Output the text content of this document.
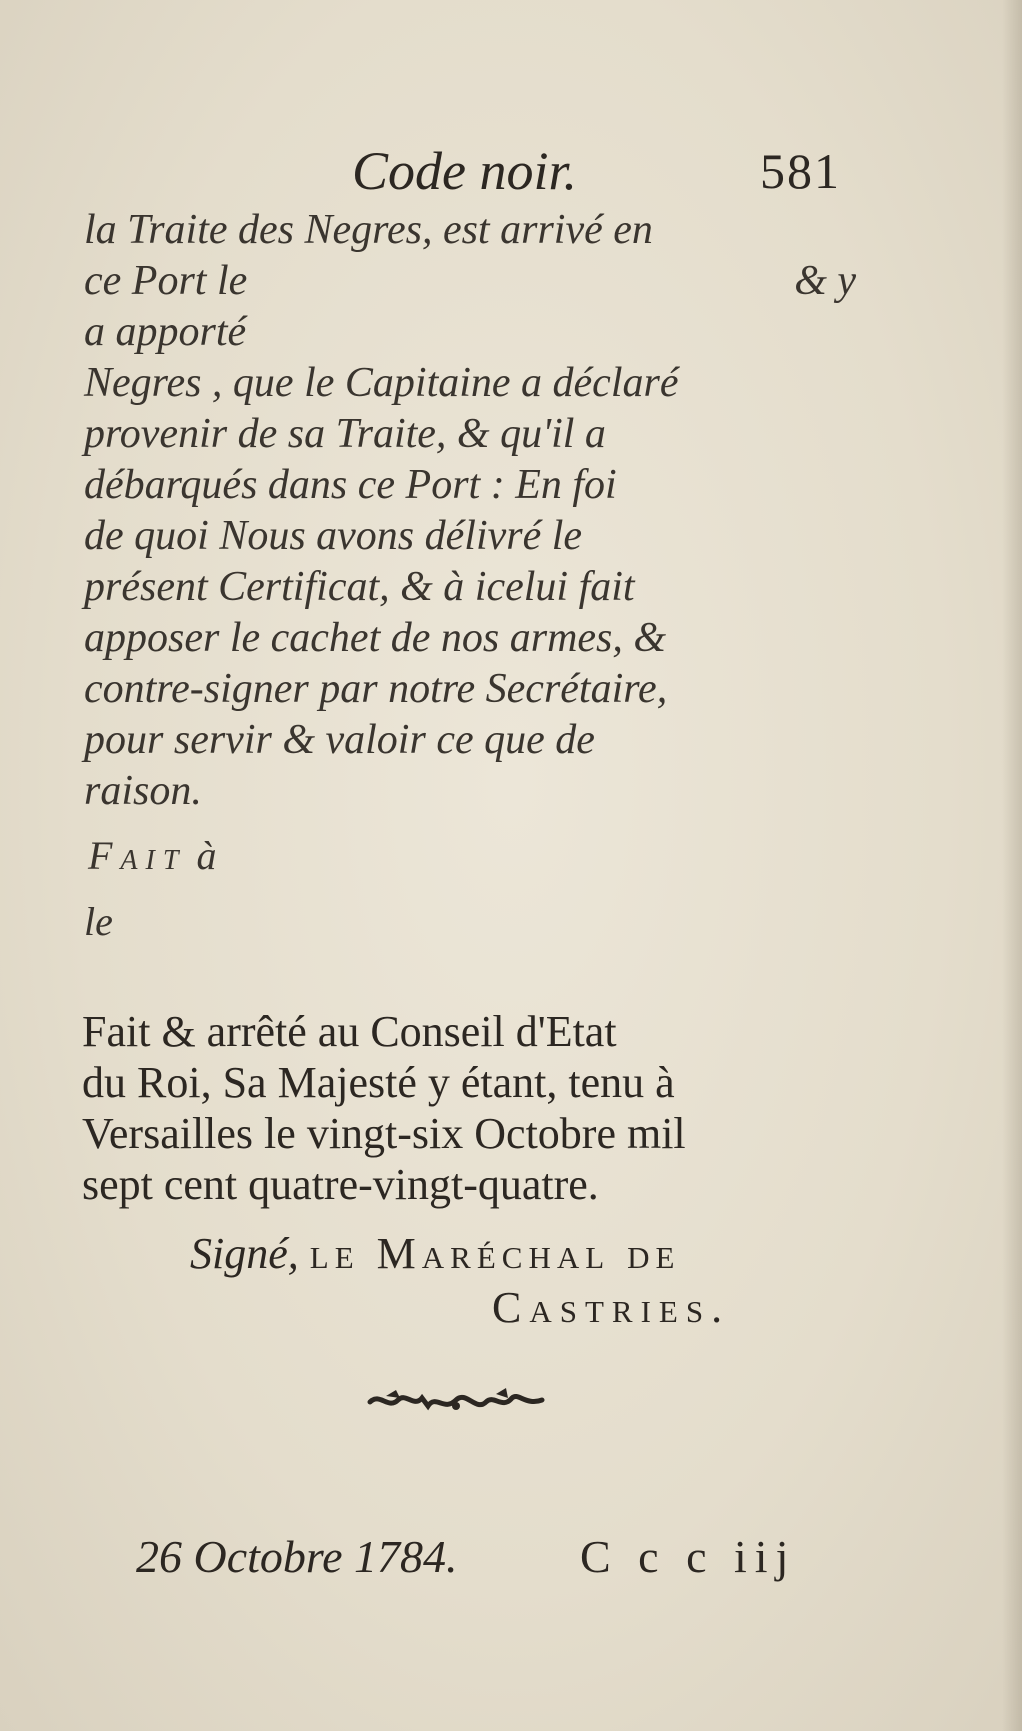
Code noir.	581
la Traite des Negres, est arrivé en
ce Port le	& y
a apporté
Negres , que le Capitaine a déclaré
provenir de sa Traite, & qu'il a
débarqués dans ce Port : En foi
de quoi Nous avons délivré le
présent Certificat, & à icelui fait
apposer le cachet de nos armes, &
contre-signer par notre Secrétaire,
pour servir & valoir ce que de
raison.
Fait à
le
Fait & arrêté au Conseil d'Etat
du Roi, Sa Majesté y étant, tenu à
Versailles le vingt-six Octobre mil
sept cent quatre-vingt-quatre.
Signé, le Maréchal de
Castries.
26 Octobre 1784.	C c c iij
